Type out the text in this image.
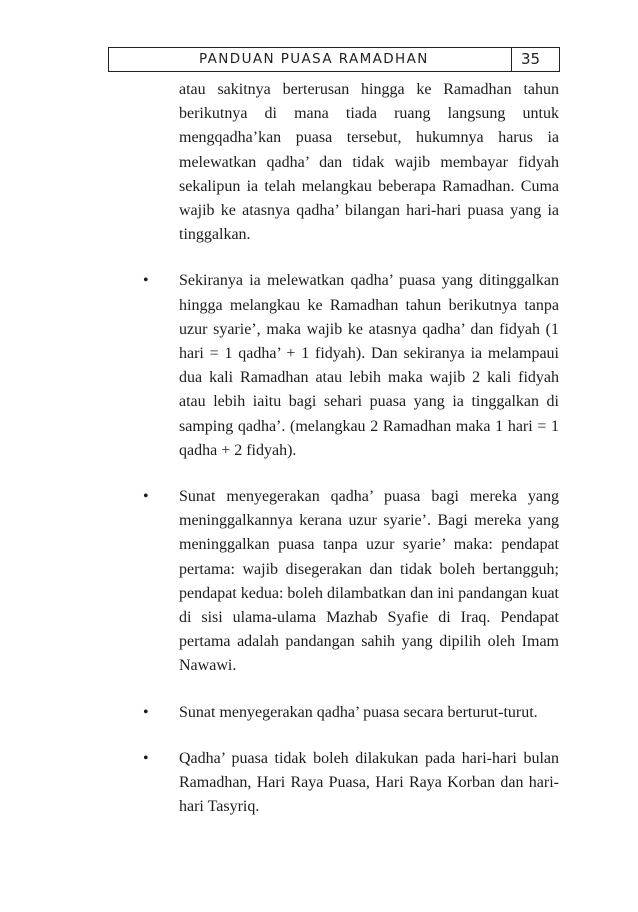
PANDUAN PUASA RAMADHAN	35

atau sakitnya berterusan hingga ke Ramadhan tahun berikutnya di mana tiada ruang langsung untuk mengqadha’kan puasa tersebut, hukumnya harus ia melewatkan qadha’ dan tidak wajib membayar fidyah sekalipun ia telah melangkau beberapa Ramadhan. Cuma wajib ke atasnya qadha’ bilangan hari-hari puasa yang ia tinggalkan.

• Sekiranya ia melewatkan qadha’ puasa yang ditinggalkan hingga melangkau ke Ramadhan tahun berikutnya tanpa uzur syarie’, maka wajib ke atasnya qadha’ dan fidyah (1 hari = 1 qadha’ + 1 fidyah). Dan sekiranya ia melampaui dua kali Ramadhan atau lebih maka wajib 2 kali fidyah atau lebih iaitu bagi sehari puasa yang ia tinggalkan di samping qadha’. (melangkau 2 Ramadhan maka 1 hari = 1 qadha + 2 fidyah).

• Sunat menyegerakan qadha’ puasa bagi mereka yang meninggalkannya kerana uzur syarie’. Bagi mereka yang meninggalkan puasa tanpa uzur syarie’ maka: pendapat pertama: wajib disegerakan dan tidak boleh bertangguh; pendapat kedua: boleh dilambatkan dan ini pandangan kuat di sisi ulama-ulama Mazhab Syafie di Iraq. Pendapat pertama adalah pandangan sahih yang dipilih oleh Imam Nawawi.

• Sunat menyegerakan qadha’ puasa secara berturut-turut.

• Qadha’ puasa tidak boleh dilakukan pada hari-hari bulan Ramadhan, Hari Raya Puasa, Hari Raya Korban dan hari-hari Tasyriq.
